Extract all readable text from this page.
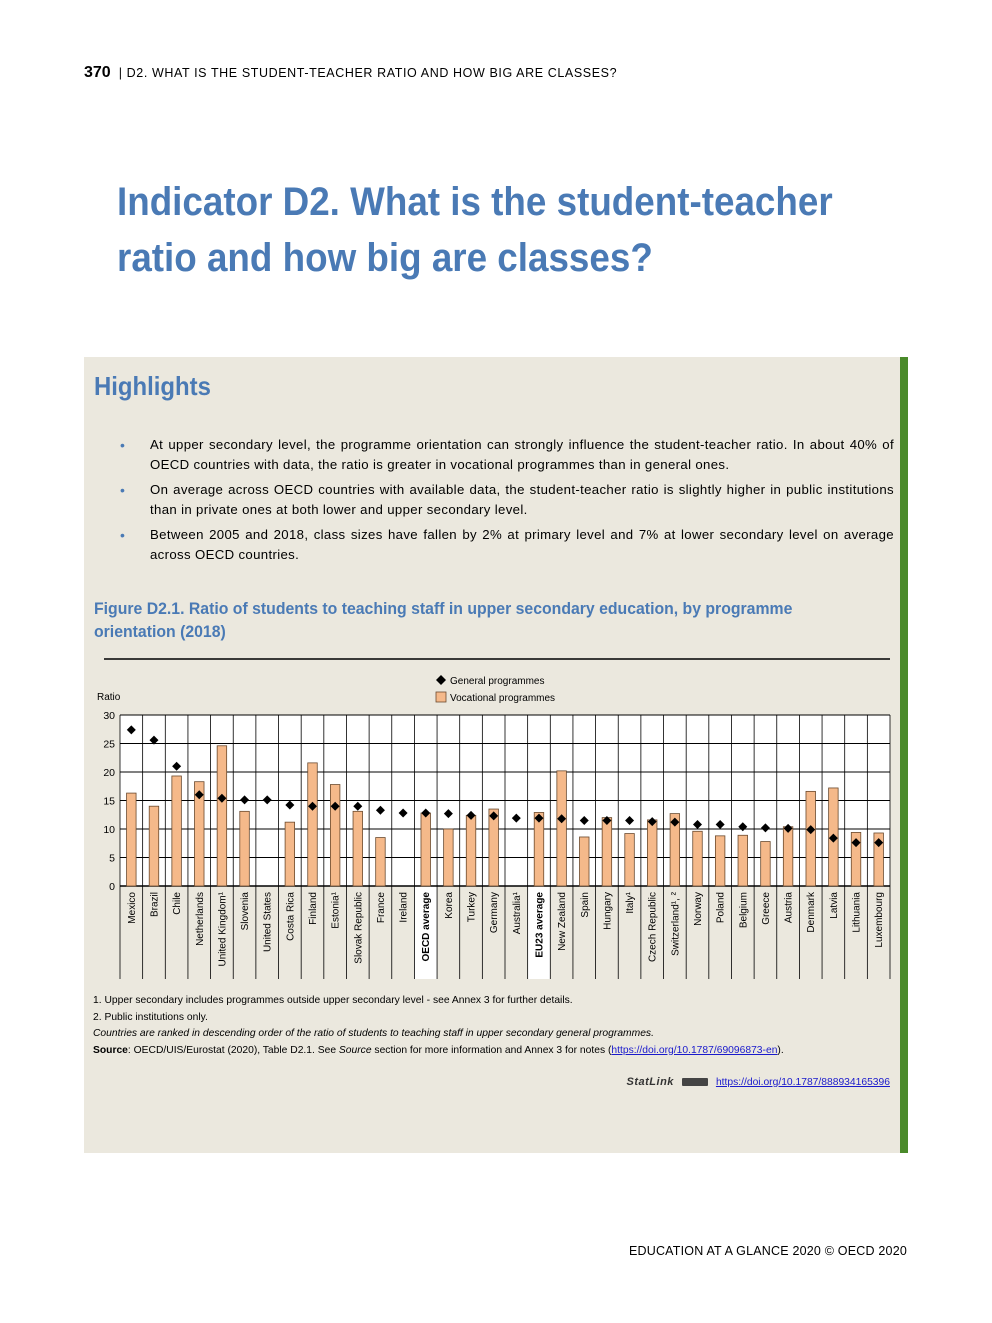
370 | D2. WHAT IS THE STUDENT-TEACHER RATIO AND HOW BIG ARE CLASSES?
Indicator D2. What is the student-teacher ratio and how big are classes?
Highlights
• At upper secondary level, the programme orientation can strongly influence the student-teacher ratio. In about 40% of OECD countries with data, the ratio is greater in vocational programmes than in general ones.
• On average across OECD countries with available data, the student-teacher ratio is slightly higher in public institutions than in private ones at both lower and upper secondary level.
• Between 2005 and 2018, class sizes have fallen by 2% at primary level and 7% at lower secondary level on average across OECD countries.
Figure D2.1. Ratio of students to teaching staff in upper secondary education, by programme orientation (2018)
0
5
10
15
20
25
30
Ratio
Mexico Brazil Chile Netherlands United Kingdom¹ Slovenia United States Costa Rica Finland Estonia¹ Slovak Republic France Ireland OECD average Korea Turkey Germany Australia¹ EU23 average New Zealand Spain Hungary Italy¹ Czech Republic Switzerland¹, ² Norway Poland Belgium Greece Austria Denmark Latvia Lithuania Luxembourg
General programmes
Vocational programmes
1. Upper secondary includes programmes outside upper secondary level - see Annex 3 for further details.
2. Public institutions only.
Countries are ranked in descending order of the ratio of students to teaching staff in upper secondary general programmes.
Source: OECD/UIS/Eurostat (2020), Table D2.1. See Source section for more information and Annex 3 for notes (https://doi.org/10.1787/69096873-en).
StatLink	https://doi.org/10.1787/888934165396
EDUCATION AT A GLANCE 2020 © OECD 2020
